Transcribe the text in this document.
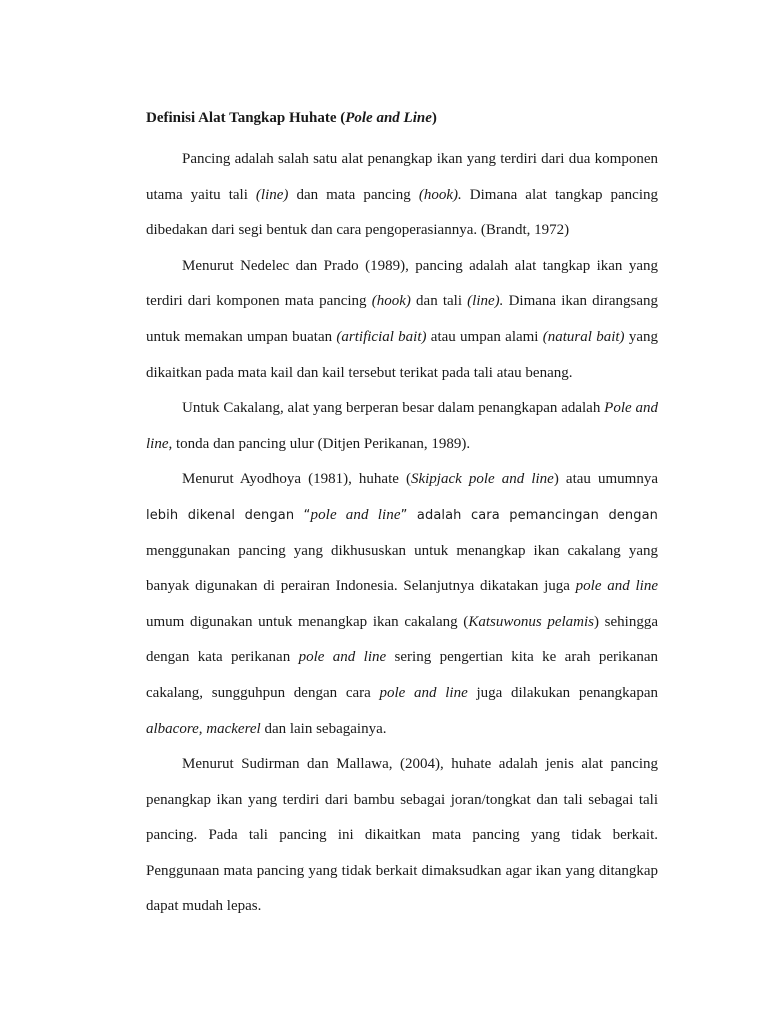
Definisi Alat Tangkap Huhate (Pole and Line)

Pancing adalah salah satu alat penangkap ikan yang terdiri dari dua komponen utama yaitu tali (line) dan mata pancing (hook). Dimana alat tangkap pancing dibedakan dari segi bentuk dan cara pengoperasiannya. (Brandt, 1972)

Menurut Nedelec dan Prado (1989), pancing adalah alat tangkap ikan yang terdiri dari komponen mata pancing (hook) dan tali (line). Dimana ikan dirangsang untuk memakan umpan buatan (artificial bait) atau umpan alami (natural bait) yang dikaitkan pada mata kail dan kail tersebut terikat pada tali atau benang.

Untuk Cakalang, alat yang berperan besar dalam penangkapan adalah Pole and line, tonda dan pancing ulur (Ditjen Perikanan, 1989).

Menurut Ayodhoya (1981), huhate (Skipjack pole and line) atau umumnya lebih dikenal dengan “pole and line” adalah cara pemancingan dengan menggunakan pancing yang dikhususkan untuk menangkap ikan cakalang yang banyak digunakan di perairan Indonesia. Selanjutnya dikatakan juga pole and line umum digunakan untuk menangkap ikan cakalang (Katsuwonus pelamis) sehingga dengan kata perikanan pole and line sering pengertian kita ke arah perikanan cakalang, sungguhpun dengan cara pole and line juga dilakukan penangkapan albacore, mackerel dan lain sebagainya.

Menurut Sudirman dan Mallawa, (2004), huhate adalah jenis alat pancing penangkap ikan yang terdiri dari bambu sebagai joran/tongkat dan tali sebagai tali pancing. Pada tali pancing ini dikaitkan mata pancing yang tidak berkait. Penggunaan mata pancing yang tidak berkait dimaksudkan agar ikan yang ditangkap dapat mudah lepas.
